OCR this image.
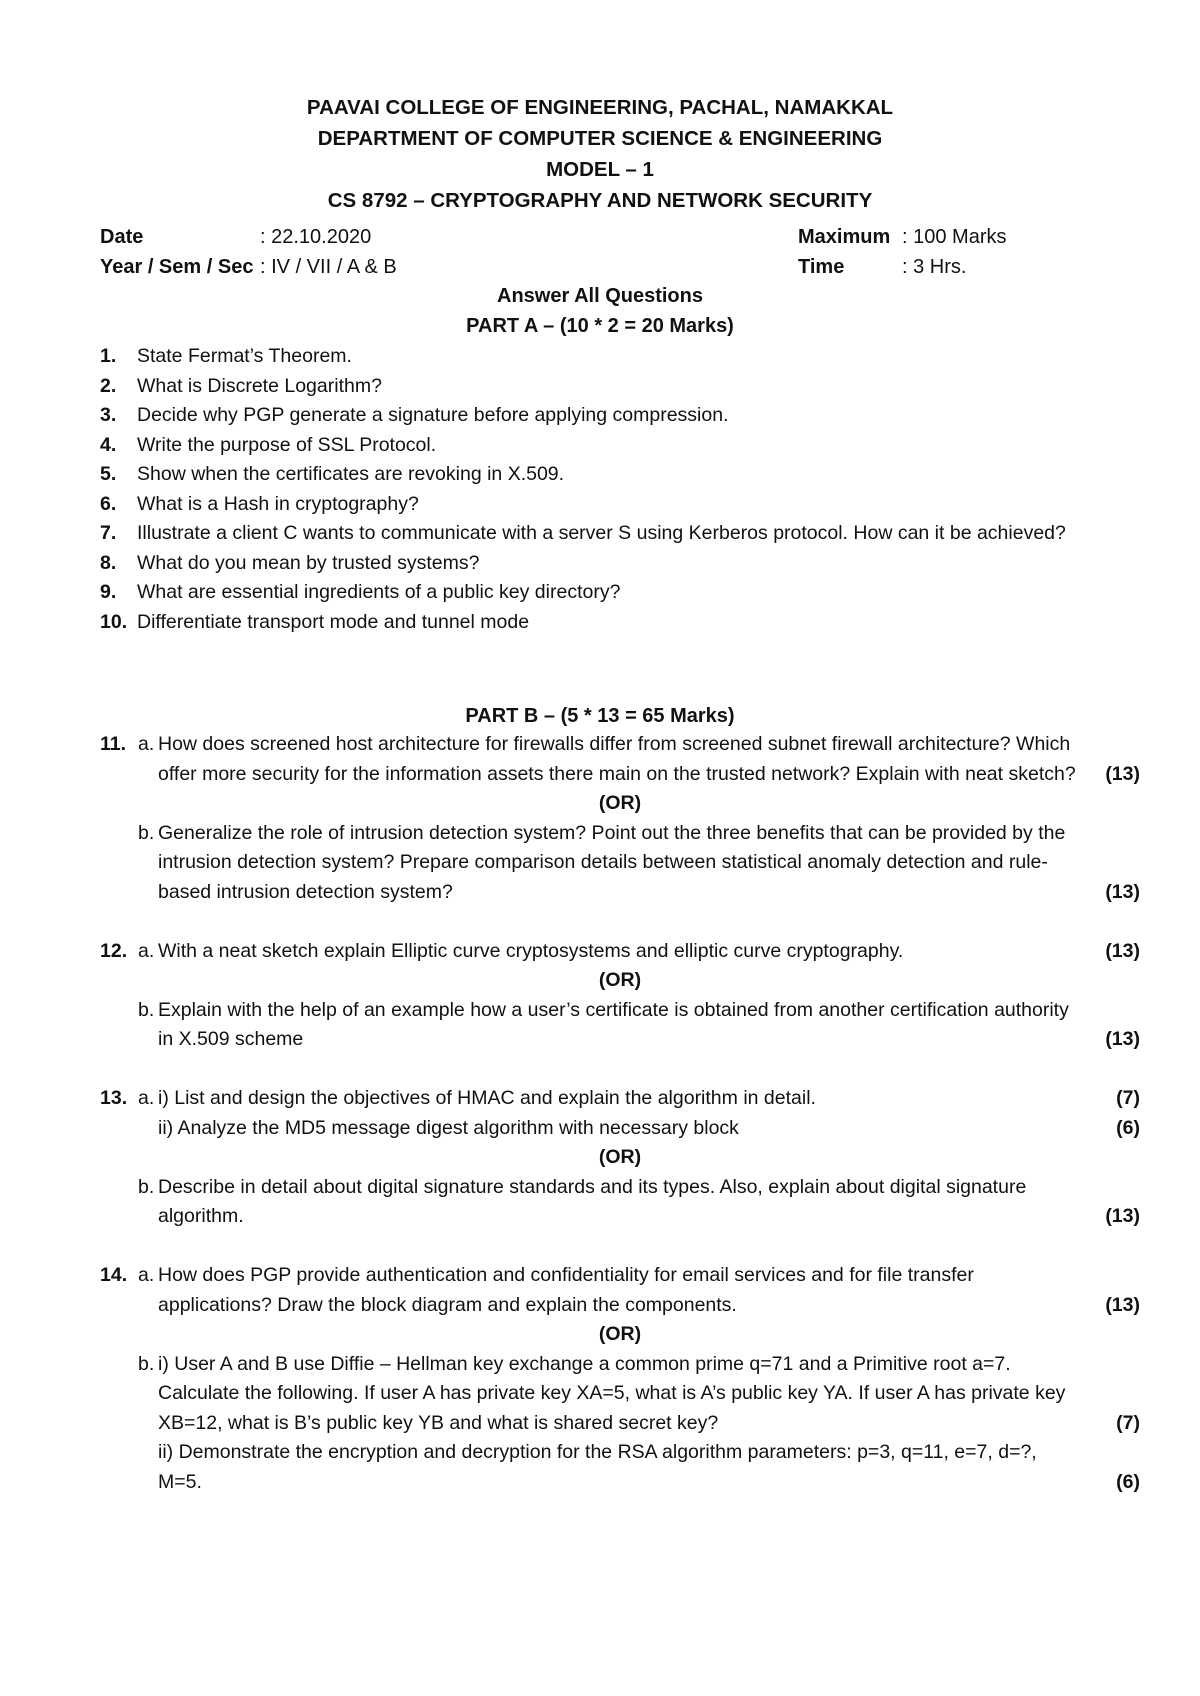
PAAVAI COLLEGE OF ENGINEERING, PACHAL, NAMAKKAL
DEPARTMENT OF COMPUTER SCIENCE & ENGINEERING
MODEL – 1
CS 8792 – CRYPTOGRAPHY AND NETWORK SECURITY
Date	: 22.10.2020	Maximum : 100 Marks
Year / Sem / Sec : IV / VII / A & B	Time	: 3 Hrs.
Answer All Questions
PART A – (10 * 2 = 20 Marks)
1. State Fermat’s Theorem.
2. What is Discrete Logarithm?
3. Decide why PGP generate a signature before applying compression.
4. Write the purpose of SSL Protocol.
5. Show when the certificates are revoking in X.509.
6. What is a Hash in cryptography?
7. Illustrate a client C wants to communicate with a server S using Kerberos protocol. How can it be achieved?
8. What do you mean by trusted systems?
9. What are essential ingredients of a public key directory?
10. Differentiate transport mode and tunnel mode
PART B – (5 * 13 = 65 Marks)
11. a. How does screened host architecture for firewalls differ from screened subnet firewall architecture? Which offer more security for the information assets there main on the trusted network? Explain with neat sketch? (13)
(OR)
b. Generalize the role of intrusion detection system? Point out the three benefits that can be provided by the intrusion detection system? Prepare comparison details between statistical anomaly detection and rule-based intrusion detection system?	(13)
12. a. With a neat sketch explain Elliptic curve cryptosystems and elliptic curve cryptography.	(13)
(OR)
b. Explain with the help of an example how a user’s certificate is obtained from another certification authority in X.509 scheme	(13)
13. a. i) List and design the objectives of HMAC and explain the algorithm in detail.	(7)
ii) Analyze the MD5 message digest algorithm with necessary block	(6)
(OR)
b. Describe in detail about digital signature standards and its types. Also, explain about digital signature algorithm.	(13)
14. a. How does PGP provide authentication and confidentiality for email services and for file transfer applications? Draw the block diagram and explain the components.	(13)
(OR)
b. i) User A and B use Diffie – Hellman key exchange a common prime q=71 and a Primitive root a=7. Calculate the following. If user A has private key XA=5, what is A’s public key YA. If user A has private key XB=12, what is B’s public key YB and what is shared secret key?	(7)
ii) Demonstrate the encryption and decryption for the RSA algorithm parameters: p=3, q=11, e=7, d=?, M=5.	(6)
